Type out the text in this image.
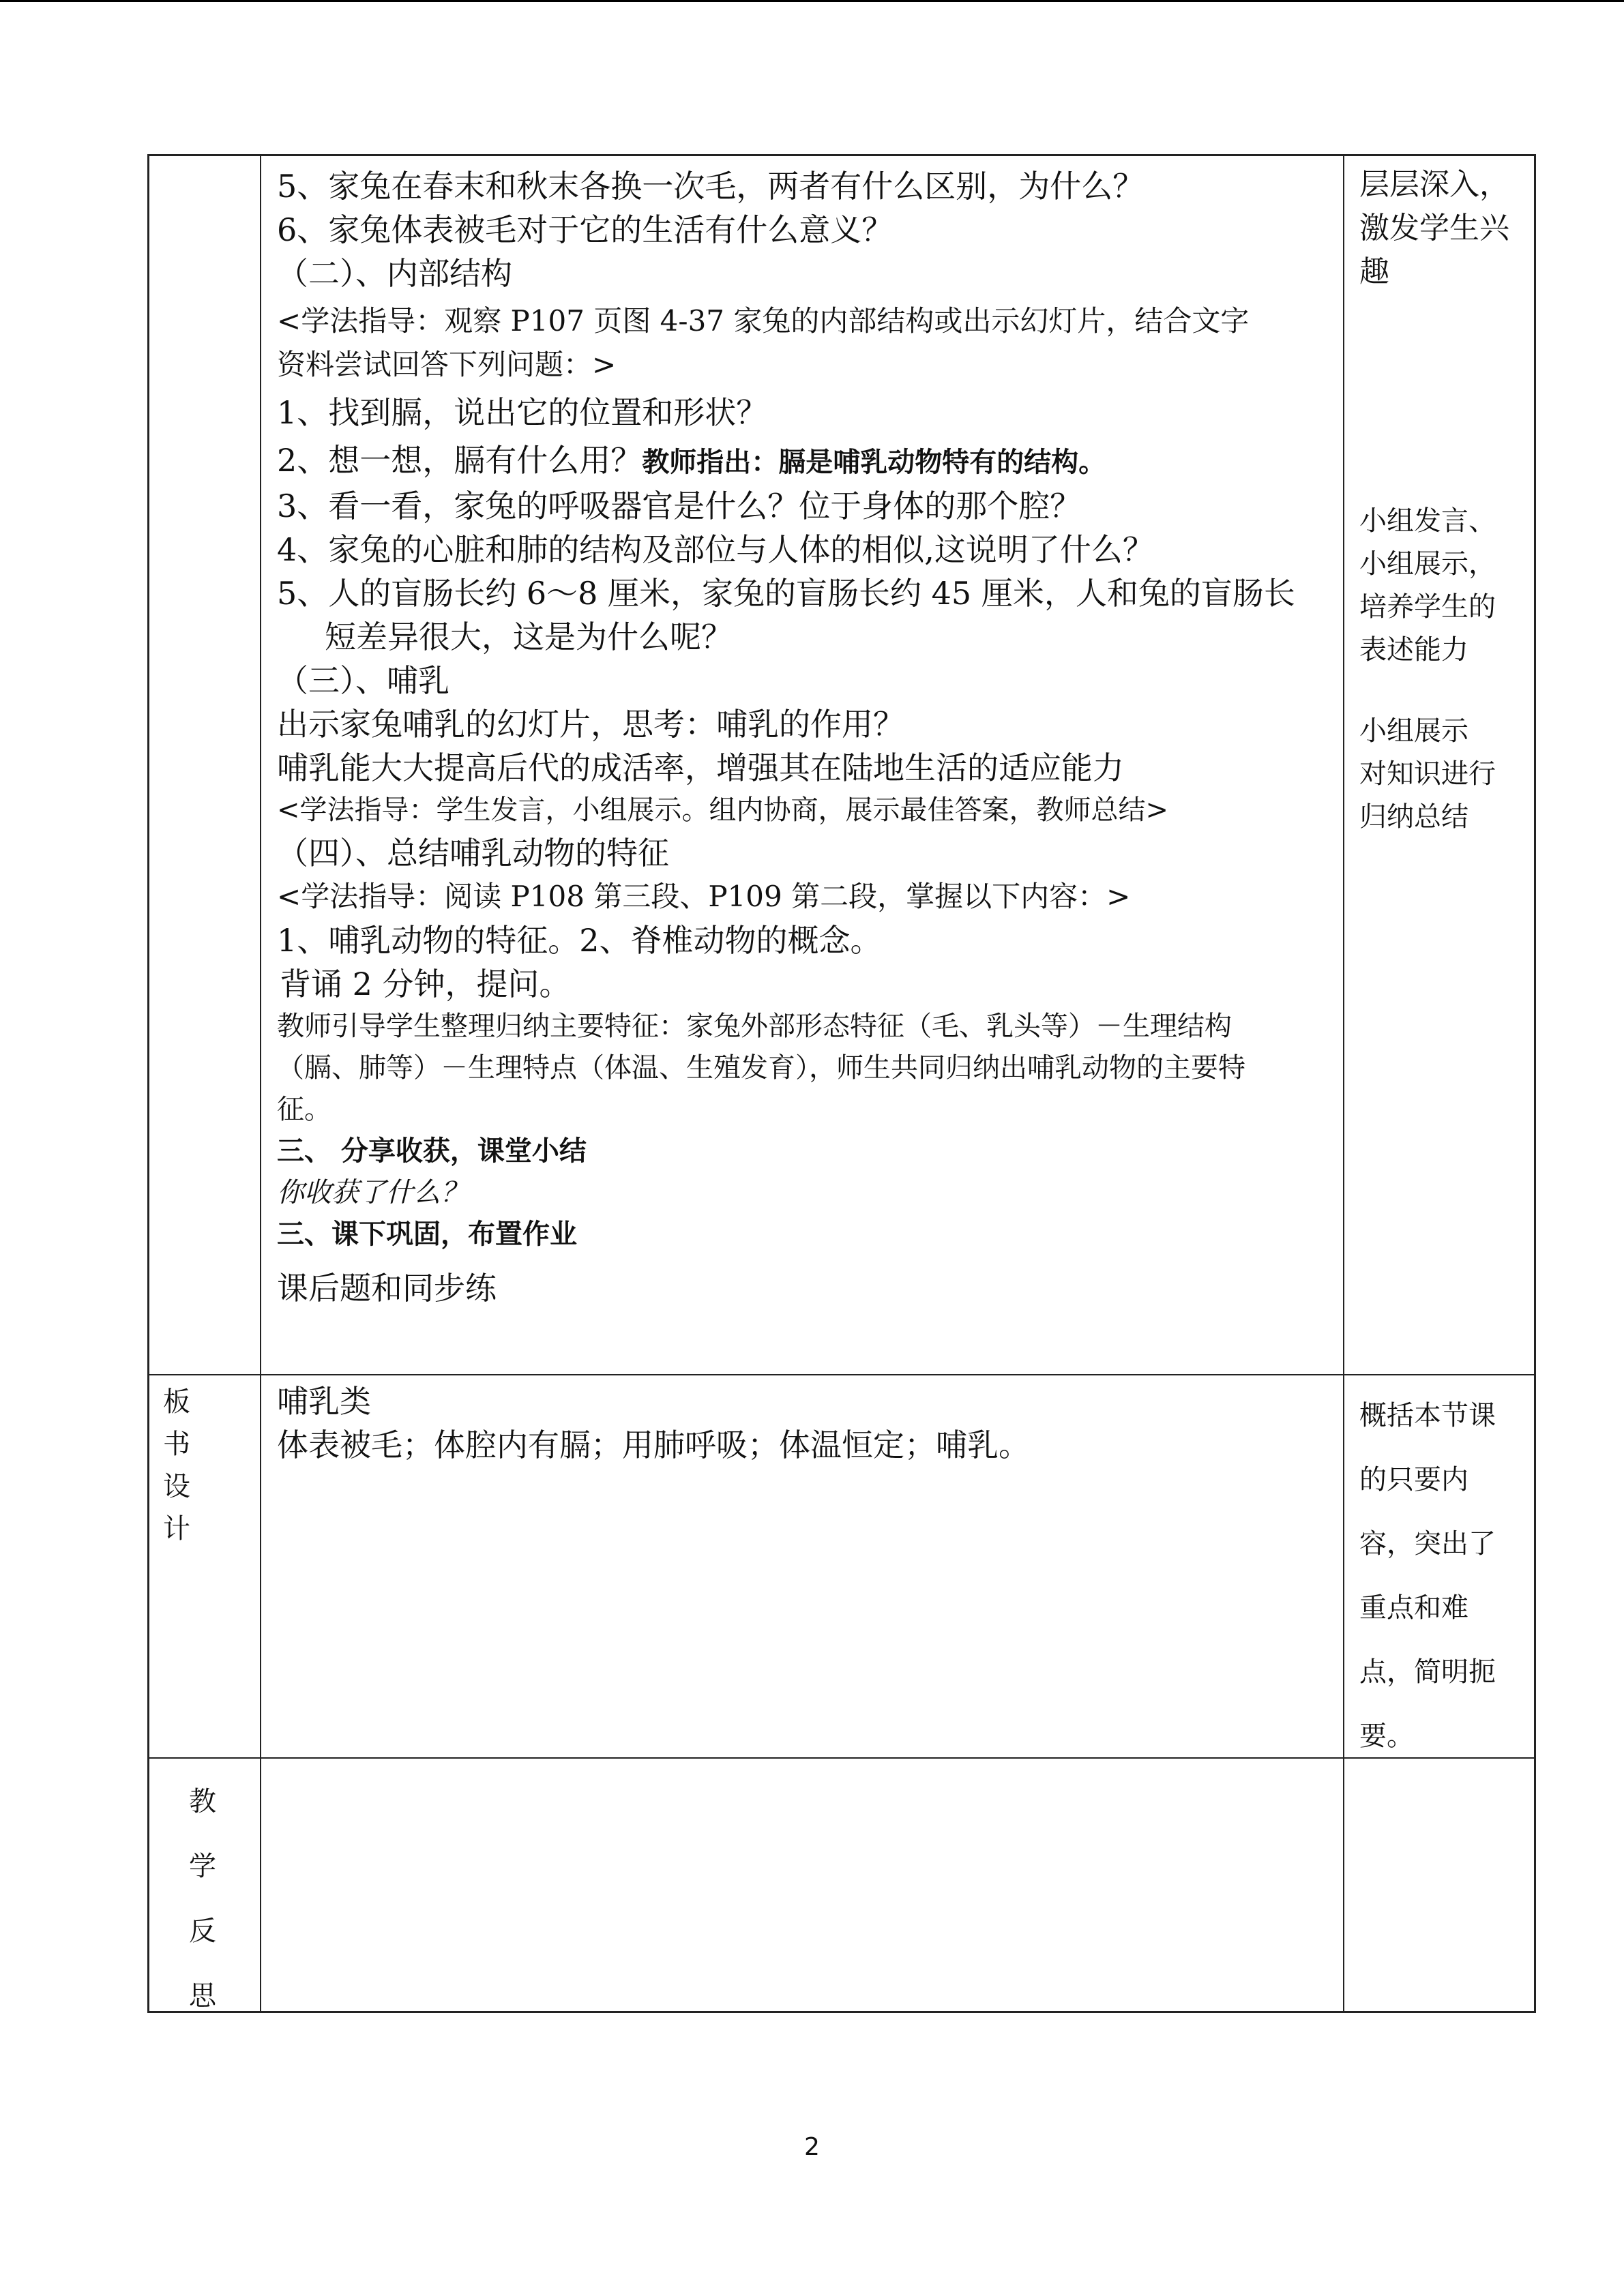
5、家兔在春末和秋末各换一次毛，两者有什么区别，为什么？
6、家兔体表被毛对于它的生活有什么意义？
（二）、内部结构
<学法指导：观察 P107 页图 4-37 家兔的内部结构或出示幻灯片，结合文字
资料尝试回答下列问题：>
1、找到膈，说出它的位置和形状？
2、想一想，膈有什么用？教师指出：膈是哺乳动物特有的结构。
3、看一看，家兔的呼吸器官是什么？位于身体的那个腔？
4、家兔的心脏和肺的结构及部位与人体的相似,这说明了什么？
5、人的盲肠长约 6～8 厘米，家兔的盲肠长约 45 厘米，人和兔的盲肠长
短差异很大，这是为什么呢？
（三）、哺乳
出示家兔哺乳的幻灯片，思考：哺乳的作用？
哺乳能大大提高后代的成活率，增强其在陆地生活的适应能力
<学法指导：学生发言，小组展示。组内协商，展示最佳答案，教师总结>
（四）、总结哺乳动物的特征
<学法指导：阅读 P108 第三段、P109 第二段，掌握以下内容：>
1、哺乳动物的特征。2、脊椎动物的概念。
背诵 2 分钟，提问。
教师引导学生整理归纳主要特征：家兔外部形态特征（毛、乳头等）－生理结构
（膈、肺等）－生理特点（体温、生殖发育），师生共同归纳出哺乳动物的主要特
征。
三、 分享收获，课堂小结
你收获了什么？
三、课下巩固，布置作业
课后题和同步练
层层深入，
激发学生兴
趣
小组发言、
小组展示，
培养学生的
表述能力
小组展示
对知识进行
归纳总结
板
书
设
计
哺乳类
体表被毛；体腔内有膈；用肺呼吸；体温恒定；哺乳。
概括本节课
的只要内
容，突出了
重点和难
点，简明扼
要。
教
学
反
思
2
